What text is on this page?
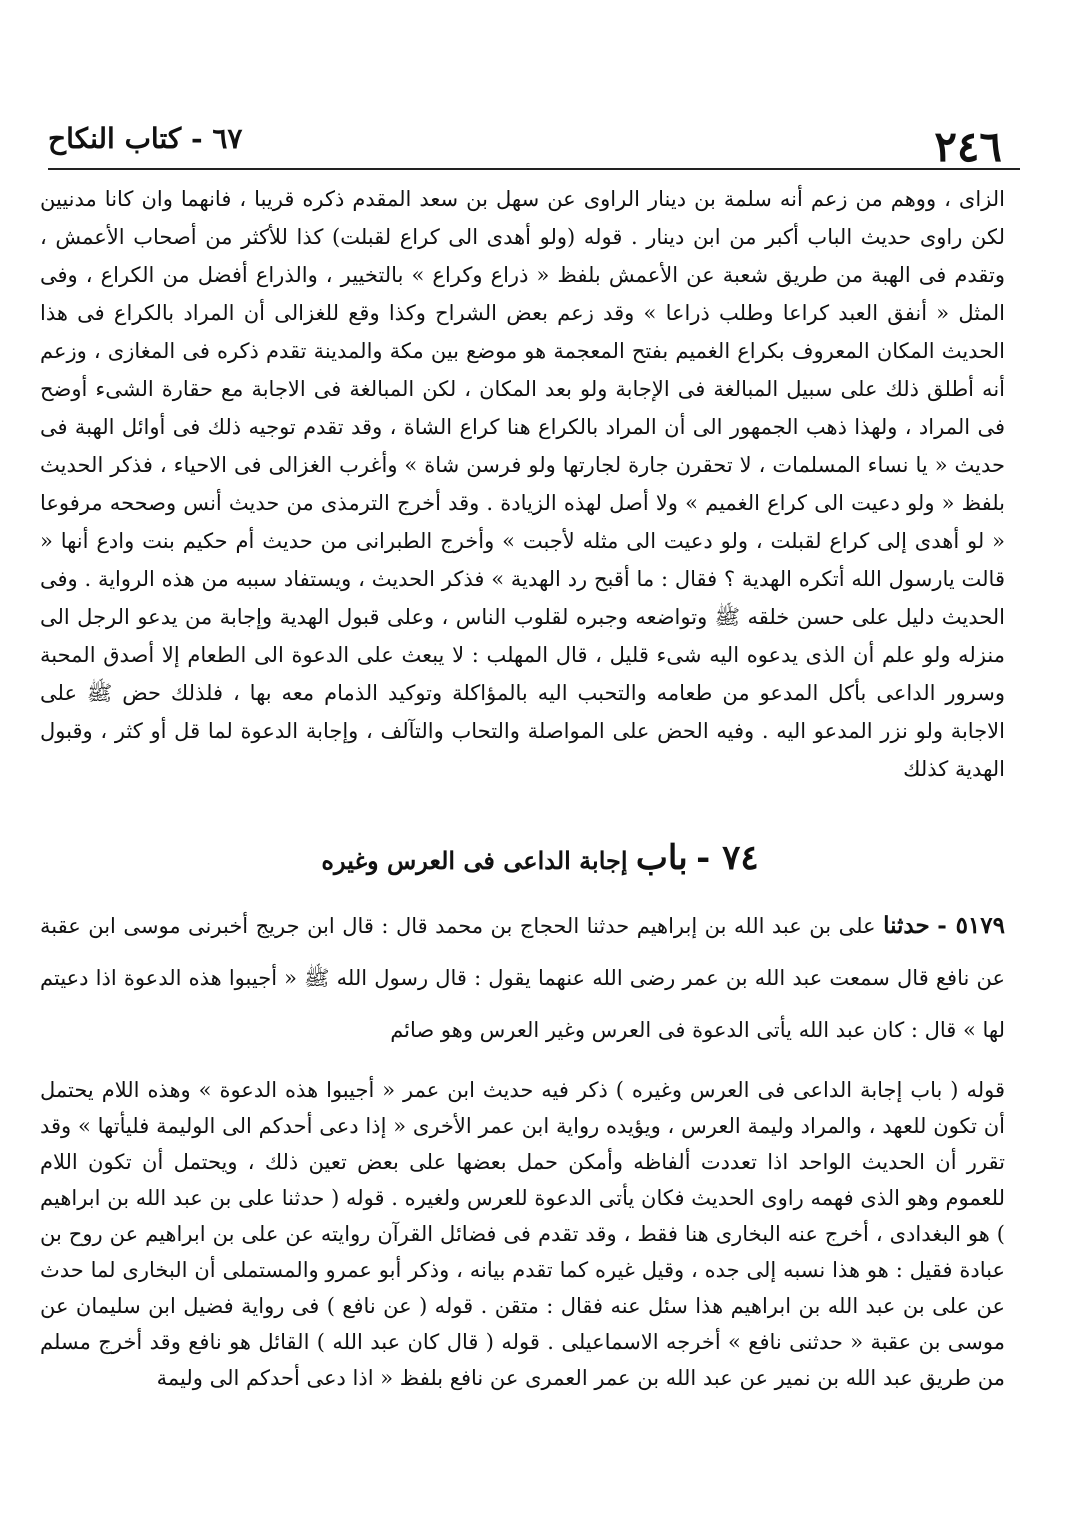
٢٤٦
٦٧ - كتاب النكاح

الزاى ، ووهم من زعم أنه سلمة بن دينار الراوى عن سهل بن سعد المقدم ذكره قريبا ، فانهما وان كانا مدنيين لكن راوى حديث الباب أكبر من ابن دينار . قوله (ولو أهدى الى كراع لقبلت) كذا للأكثر من أصحاب الأعمش ، وتقدم فى الهبة من طريق شعبة عن الأعمش بلفظ « ذراع وكراع » بالتخيير ، والذراع أفضل من الكراع ، وفى المثل « أنفق العبد كراعا وطلب ذراعا » وقد زعم بعض الشراح وكذا وقع للغزالى أن المراد بالكراع فى هذا الحديث المكان المعروف بكراع الغميم بفتح المعجمة هو موضع بين مكة والمدينة تقدم ذكره فى المغازى ، وزعم أنه أطلق ذلك على سبيل المبالغة فى الإجابة ولو بعد المكان ، لكن المبالغة فى الاجابة مع حقارة الشىء أوضح فى المراد ، ولهذا ذهب الجمهور الى أن المراد بالكراع هنا كراع الشاة ، وقد تقدم توجيه ذلك فى أوائل الهبة فى حديث « يا نساء المسلمات ، لا تحقرن جارة لجارتها ولو فرسن شاة » وأغرب الغزالى فى الاحياء ، فذكر الحديث بلفظ « ولو دعيت الى كراع الغميم » ولا أصل لهذه الزيادة . وقد أخرج الترمذى من حديث أنس وصححه مرفوعا « لو أهدى إلى كراع لقبلت ، ولو دعيت الى مثله لأجبت » وأخرج الطبرانى من حديث أم حكيم بنت وادع أنها « قالت يارسول الله أتكره الهدية ؟ فقال : ما أقبح رد الهدية » فذكر الحديث ، ويستفاد سببه من هذه الرواية . وفى الحديث دليل على حسن خلقه ﷺ وتواضعه وجبره لقلوب الناس ، وعلى قبول الهدية وإجابة من يدعو الرجل الى منزله ولو علم أن الذى يدعوه اليه شىء قليل ، قال المهلب : لا يبعث على الدعوة الى الطعام إلا أصدق المحبة وسرور الداعى بأكل المدعو من طعامه والتحبب اليه بالمؤاكلة وتوكيد الذمام معه بها ، فلذلك حض ﷺ على الاجابة ولو نزر المدعو اليه . وفيه الحض على المواصلة والتحاب والتآلف ، وإجابة الدعوة لما قل أو كثر ، وقبول الهدية كذلك

٧٤ - باب إجابة الداعى فى العرس وغيره
٥١٧٩ - حدثنا على بن عبد الله بن إبراهيم حدثنا الحجاج بن محمد قال : قال ابن جريج أخبرنى موسى ابن عقبة عن نافع قال سمعت عبد الله بن عمر رضى الله عنهما يقول : قال رسول الله ﷺ « أجيبوا هذه الدعوة اذا دعيتم لها » قال : كان عبد الله يأتى الدعوة فى العرس وغير العرس وهو صائم

قوله ( باب إجابة الداعى فى العرس وغيره ) ذكر فيه حديث ابن عمر « أجيبوا هذه الدعوة » وهذه اللام يحتمل أن تكون للعهد ، والمراد وليمة العرس ، ويؤيده رواية ابن عمر الأخرى « إذا دعى أحدكم الى الوليمة فليأتها » وقد تقرر أن الحديث الواحد اذا تعددت ألفاظه وأمكن حمل بعضها على بعض تعين ذلك ، ويحتمل أن تكون اللام للعموم وهو الذى فهمه راوى الحديث فكان يأتى الدعوة للعرس ولغيره . قوله ( حدثنا على بن عبد الله بن ابراهيم ) هو البغدادى ، أخرج عنه البخارى هنا فقط ، وقد تقدم فى فضائل القرآن روايته عن على بن ابراهيم عن روح بن عبادة فقيل : هو هذا نسبه إلى جده ، وقيل غيره كما تقدم بيانه ، وذكر أبو عمرو والمستملى أن البخارى لما حدث عن على بن عبد الله بن ابراهيم هذا سئل عنه فقال : متقن . قوله ( عن نافع ) فى رواية فضيل ابن سليمان عن موسى بن عقبة « حدثنى نافع » أخرجه الاسماعيلى . قوله ( قال كان عبد الله ) القائل هو نافع وقد أخرج مسلم من طريق عبد الله بن نمير عن عبد الله بن عمر العمرى عن نافع بلفظ « اذا دعى أحدكم الى وليمة
